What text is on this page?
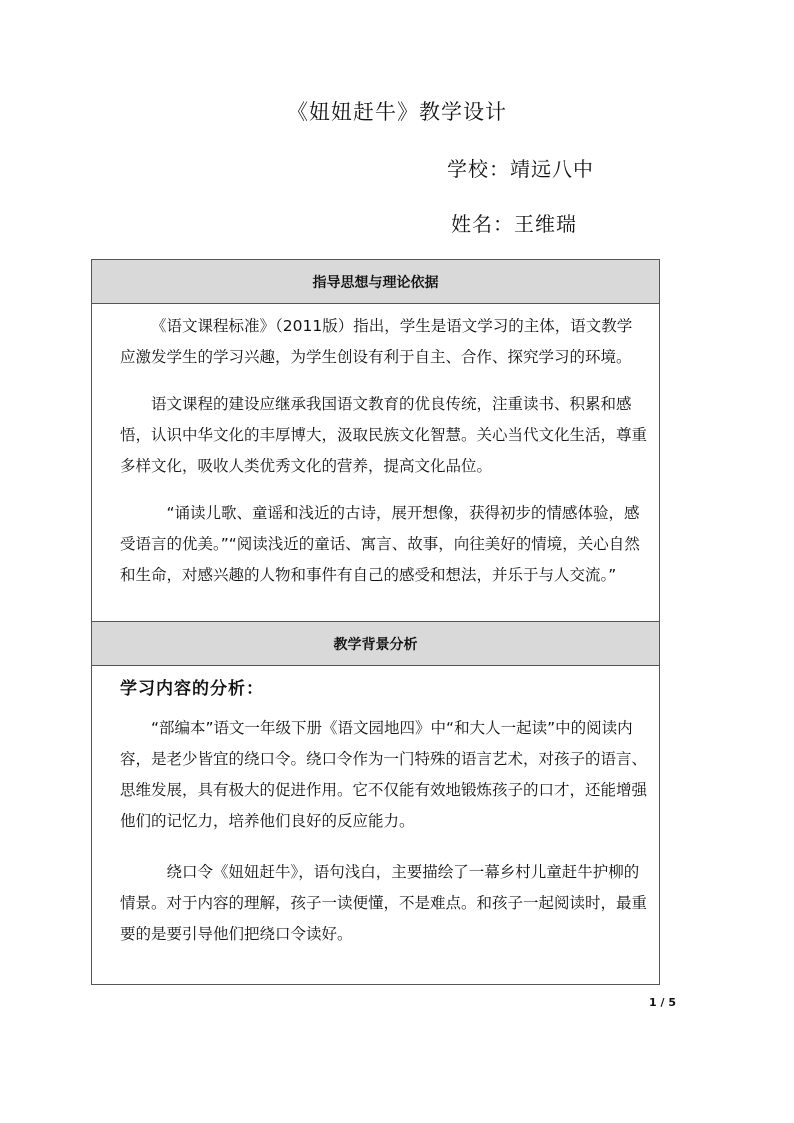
《妞妞赶牛》教学设计
学校：靖远八中
姓名：王维瑞
指导思想与理论依据

《语文课程标准》（2011版）指出，学生是语文学习的主体，语文教学应激发学生的学习兴趣，为学生创设有利于自主、合作、探究学习的环境。

语文课程的建设应继承我国语文教育的优良传统，注重读书、积累和感悟，认识中华文化的丰厚博大，汲取民族文化智慧。关心当代文化生活，尊重多样文化，吸收人类优秀文化的营养，提高文化品位。

“诵读儿歌、童谣和浅近的古诗，展开想像，获得初步的情感体验，感受语言的优美。”“阅读浅近的童话、寓言、故事，向往美好的情境，关心自然和生命，对感兴趣的人物和事件有自己的感受和想法，并乐于与人交流。”

教学背景分析

学习内容的分析：

“部编本”语文一年级下册《语文园地四》中“和大人一起读”中的阅读内容，是老少皆宜的绕口令。绕口令作为一门特殊的语言艺术，对孩子的语言、思维发展，具有极大的促进作用。它不仅能有效地锻炼孩子的口才，还能增强他们的记忆力，培养他们良好的反应能力。

绕口令《妞妞赶牛》，语句浅白，主要描绘了一幕乡村儿童赶牛护柳的情景。对于内容的理解，孩子一读便懂，不是难点。和孩子一起阅读时，最重要的是要引导他们把绕口令读好。

1 / 5
